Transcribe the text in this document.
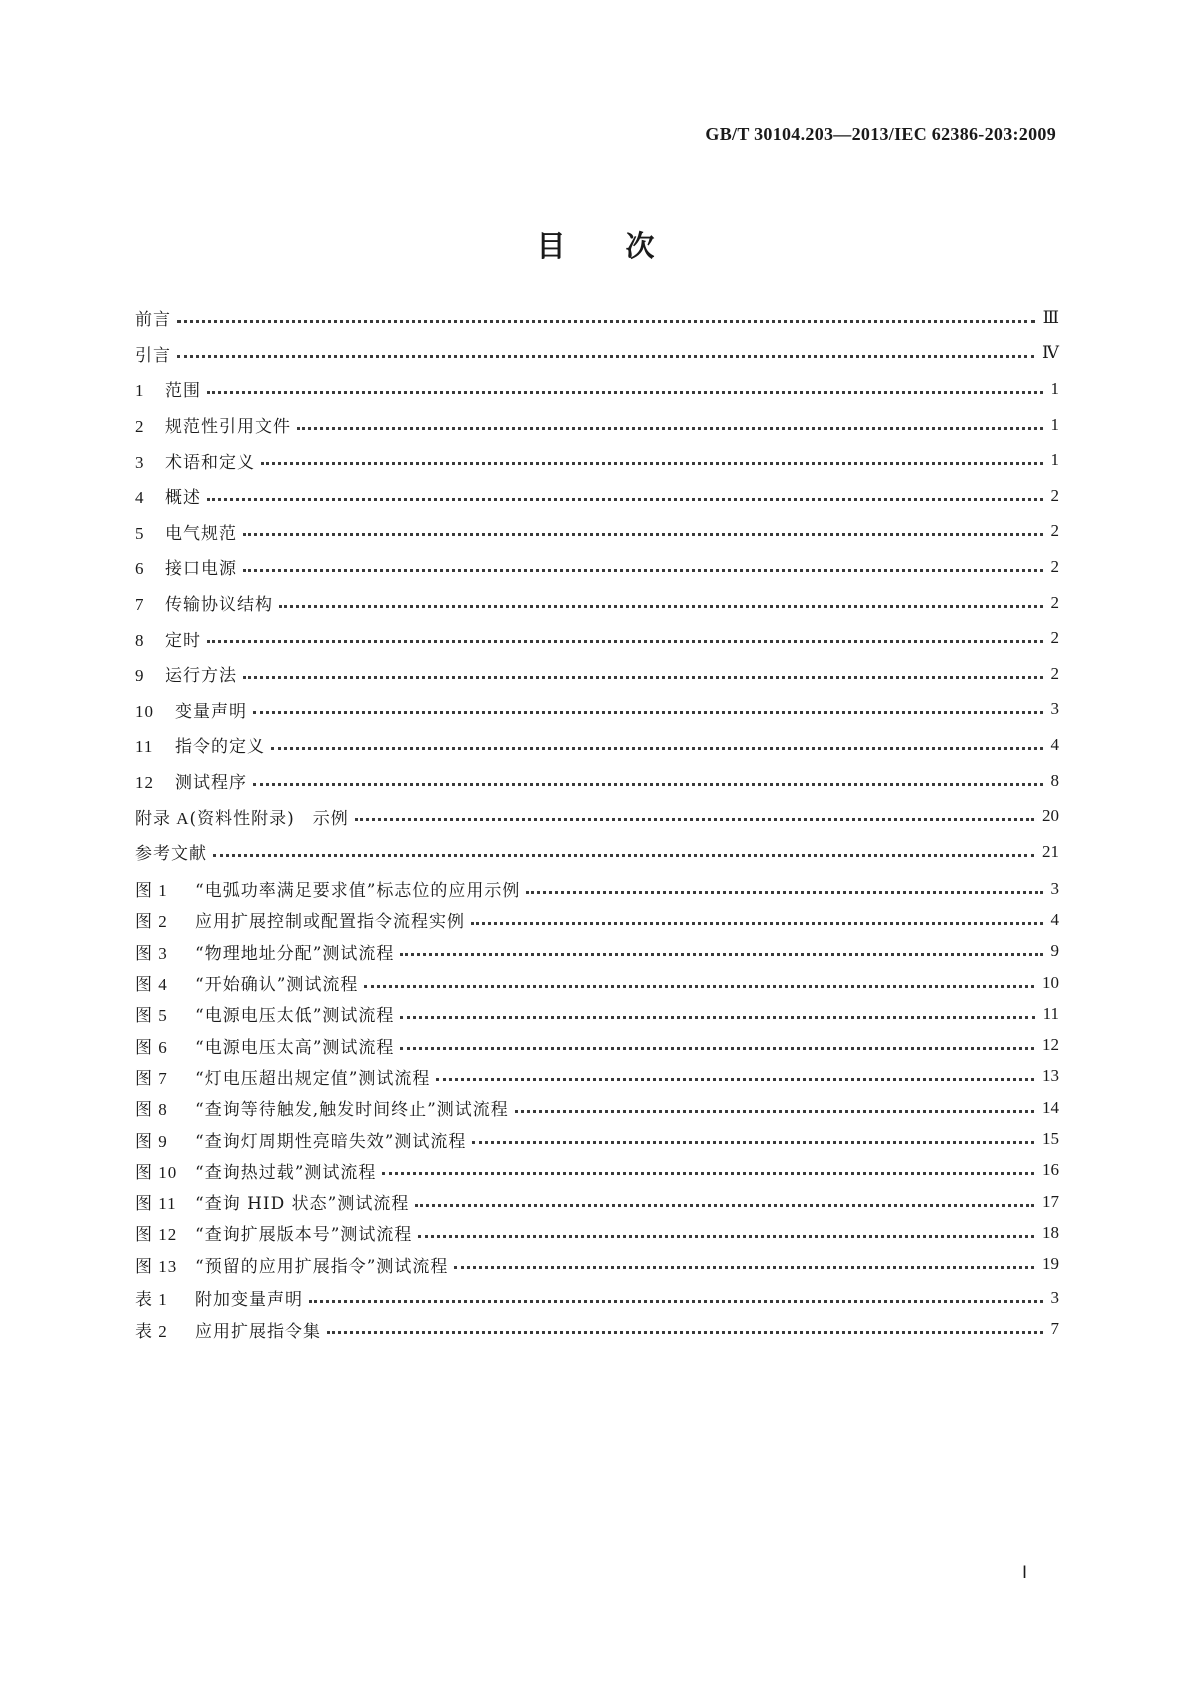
GB/T 30104.203—2013/IEC 62386-203:2009
目 次
前言	Ⅲ
引言	Ⅳ
1 范围	1
2 规范性引用文件	1
3 术语和定义	1
4 概述	2
5 电气规范	2
6 接口电源	2
7 传输协议结构	2
8 定时	2
9 运行方法	2
10 变量声明	3
11 指令的定义	4
12 测试程序	8
附录 A(资料性附录)　示例	20
参考文献	21
图 1 “电弧功率满足要求值”标志位的应用示例	3
图 2 应用扩展控制或配置指令流程实例	4
图 3 “物理地址分配”测试流程	9
图 4 “开始确认”测试流程	10
图 5 “电源电压太低”测试流程	11
图 6 “电源电压太高”测试流程	12
图 7 “灯电压超出规定值”测试流程	13
图 8 “查询等待触发,触发时间终止”测试流程	14
图 9 “查询灯周期性亮暗失效”测试流程	15
图 10 “查询热过载”测试流程	16
图 11 “查询 HID 状态”测试流程	17
图 12 “查询扩展版本号”测试流程	18
图 13 “预留的应用扩展指令”测试流程	19
表 1 附加变量声明	3
表 2 应用扩展指令集	7
Ⅰ
